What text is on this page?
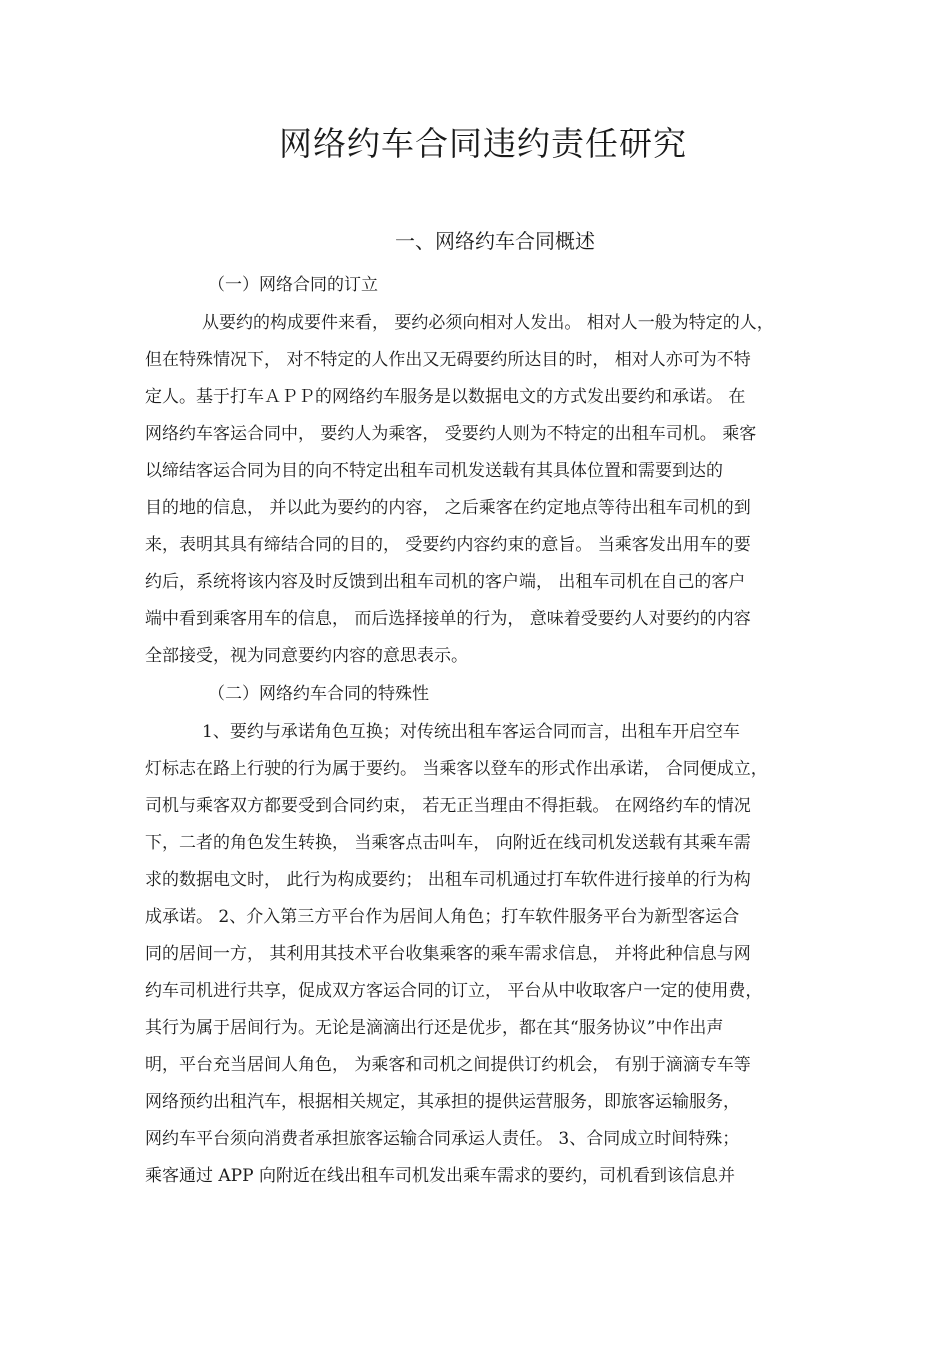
网络约车合同违约责任研究
一、网络约车合同概述
（一）网络合同的订立
从要约的构成要件来看， 要约必须向相对人发出。 相对人一般为特定的人，
但在特殊情况下， 对不特定的人作出又无碍要约所达目的时， 相对人亦可为不特
定人。基于打车ＡＰＰ的网络约车服务是以数据电文的方式发出要约和承诺。 在
网络约车客运合同中， 要约人为乘客， 受要约人则为不特定的出租车司机。 乘客
以缔结客运合同为目的向不特定出租车司机发送载有其具体位置和需要到达的
目的地的信息， 并以此为要约的内容， 之后乘客在约定地点等待出租车司机的到
来，表明其具有缔结合同的目的， 受要约内容约束的意旨。 当乘客发出用车的要
约后，系统将该内容及时反馈到出租车司机的客户端， 出租车司机在自己的客户
端中看到乘客用车的信息， 而后选择接单的行为， 意味着受要约人对要约的内容
全部接受，视为同意要约内容的意思表示。
（二）网络约车合同的特殊性
1、要约与承诺角色互换；对传统出租车客运合同而言，出租车开启空车
灯标志在路上行驶的行为属于要约。 当乘客以登车的形式作出承诺， 合同便成立，
司机与乘客双方都要受到合同约束， 若无正当理由不得拒载。 在网络约车的情况
下，二者的角色发生转换， 当乘客点击叫车， 向附近在线司机发送载有其乘车需
求的数据电文时， 此行为构成要约； 出租车司机通过打车软件进行接单的行为构
成承诺。 2、介入第三方平台作为居间人角色；打车软件服务平台为新型客运合
同的居间一方， 其利用其技术平台收集乘客的乘车需求信息， 并将此种信息与网
约车司机进行共享，促成双方客运合同的订立， 平台从中收取客户一定的使用费，
其行为属于居间行为。无论是滴滴出行还是优步，都在其“服务协议”中作出声
明，平台充当居间人角色， 为乘客和司机之间提供订约机会， 有别于滴滴专车等
网络预约出租汽车，根据相关规定，其承担的提供运营服务，即旅客运输服务，
网约车平台须向消费者承担旅客运输合同承运人责任。 3、合同成立时间特殊；
乘客通过 APP 向附近在线出租车司机发出乘车需求的要约，司机看到该信息并
